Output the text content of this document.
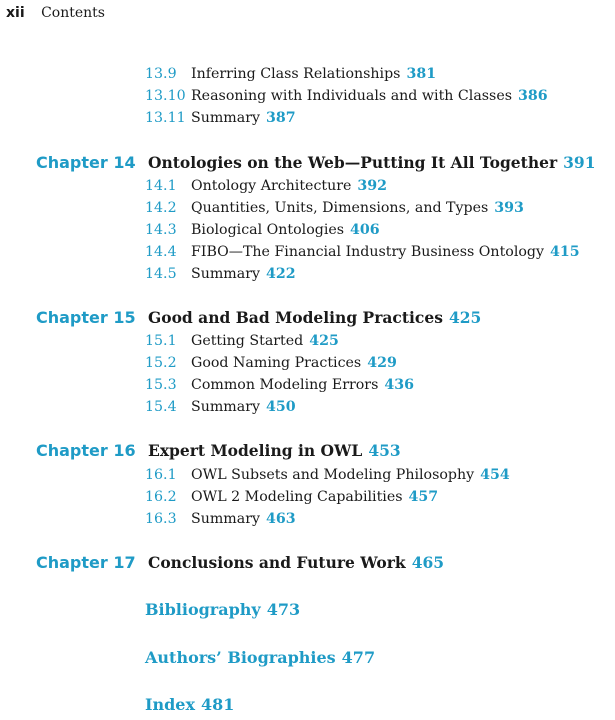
xii Contents
13.9 Inferring Class Relationships 381
13.10 Reasoning with Individuals and with Classes 386
13.11 Summary 387
Chapter 14 Ontologies on the Web—Putting It All Together 391
14.1 Ontology Architecture 392
14.2 Quantities, Units, Dimensions, and Types 393
14.3 Biological Ontologies 406
14.4 FIBO—The Financial Industry Business Ontology 415
14.5 Summary 422
Chapter 15 Good and Bad Modeling Practices 425
15.1 Getting Started 425
15.2 Good Naming Practices 429
15.3 Common Modeling Errors 436
15.4 Summary 450
Chapter 16 Expert Modeling in OWL 453
16.1 OWL Subsets and Modeling Philosophy 454
16.2 OWL 2 Modeling Capabilities 457
16.3 Summary 463
Chapter 17 Conclusions and Future Work 465
Bibliography 473
Authors’ Biographies 477
Index 481
